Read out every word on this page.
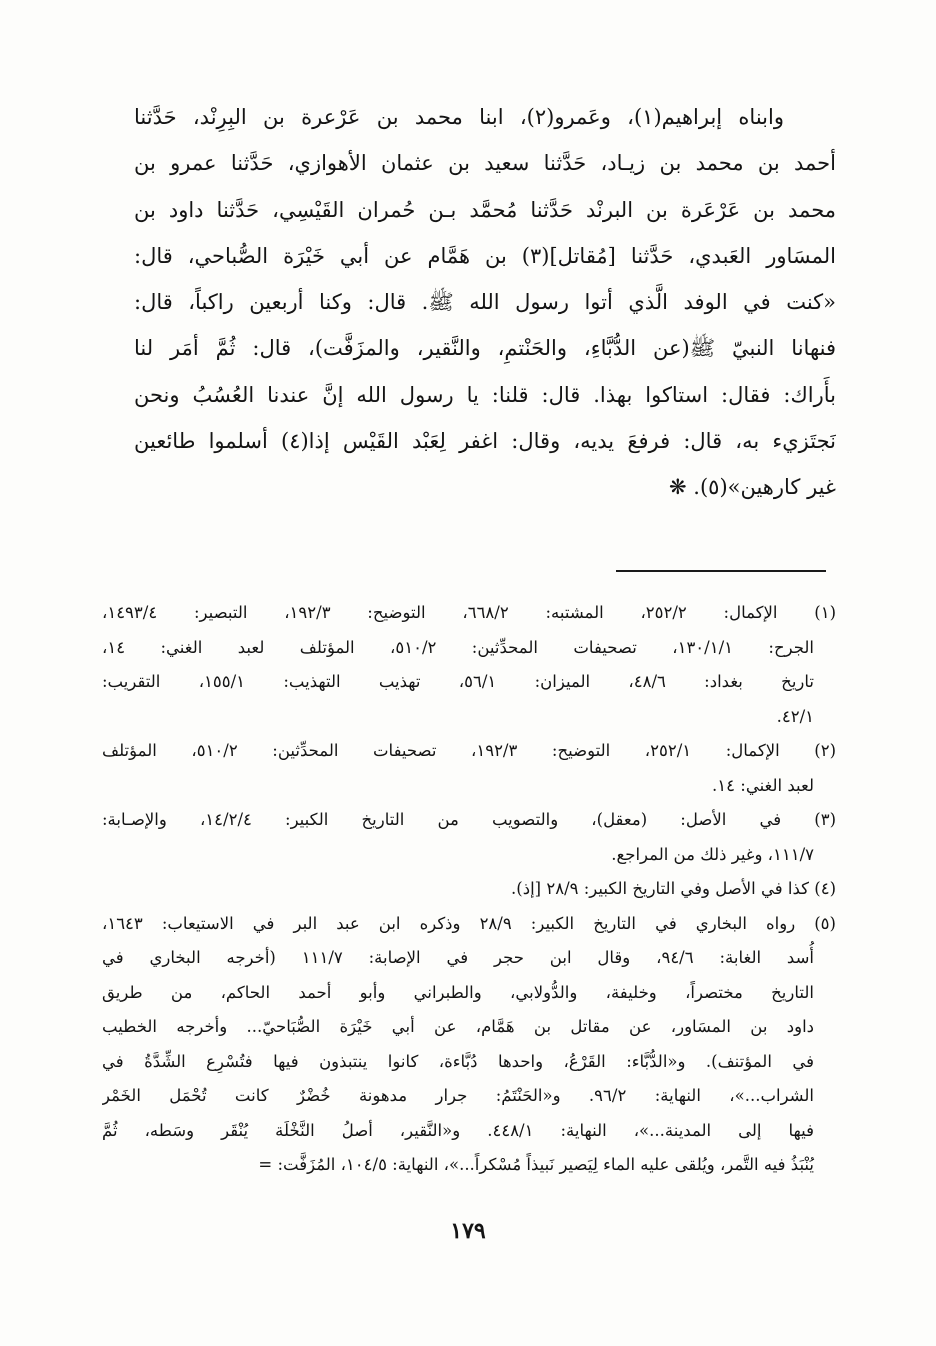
وابناه إبراهيم(١)، وعَمرو(٢)، ابنا محمد بن عَرْعرة بن البِرِنْد، حَدَّثنا
أحمد بن محمد بن زيـاد، حَدَّثنا سعيد بن عثمان الأهوازي، حَدَّثنا عمرو بن
محمد بن عَرْعَرة بن البرنْد حَدَّثنا مُحمَّد بـن حُمران القَيْسِي، حَدَّثنا داود بن
المسَاور العَبدي، حَدَّثنا [مُقاتل](٣) بن هَمَّام عن أبي خَيْرَة الصُّباحي، قال:
«كنت في الوفد الَّذي أتوا رسول الله ﷺ. قال: وكنا أربعين راكباً، قال:
فنهانا النبيّ ﷺ(عن الدُّبَّاءِ، والحَنْتمِ، والنَّقير، والمزَفَّت)، قال: ثُمَّ أمَر لنا
بأَراك: فقال: استاكوا بهذا. قال: قلنا: يا رسول الله إنَّ عندنا العُسُبُ ونحن
نَجتَزيء به، قال: فرفعَ يديه، وقال: اغفر لِعَبْد القَيْس إذا(٤) أسلموا طائعين
غير كارهين»(٥). ❋
(١) الإكمال: ٢٥٢/٢، المشتبه: ٦٦٨/٢، التوضيح: ١٩٢/٣، التبصير: ١٤٩٣/٤،
الجرح: ١٣٠/١/١، تصحيفات المحدِّثين: ٥١٠/٢، المؤتلف لعبد الغني: ١٤،
تاريخ بغداد: ٤٨/٦، الميزان: ٥٦/١، تهذيب التهذيب: ١٥٥/١، التقريب:
٤٢/١.
(٢) الإكمال: ٢٥٢/١، التوضيح: ١٩٢/٣، تصحيفات المحدِّثين: ٥١٠/٢، المؤتلف
لعبد الغني: ١٤.
(٣) في الأصل: (معقل)، والتصويب من التاريخ الكبير: ١٤/٢/٤، والإصـابة:
١١١/٧، وغير ذلك من المراجع.
(٤) كذا في الأصل وفي التاريخ الكبير: ٢٨/٩ [إذ).
(٥) رواه البخاري في التاريخ الكبير: ٢٨/٩ وذكره ابن عبد البر في الاستيعاب: ١٦٤٣،
أُسد الغابة: ٩٤/٦، وقال ابن حجر في الإصابة: ١١١/٧ (أخرجه البخاري في
التاريخ مختصراً، وخليفة، والدُّولابي، والطبراني وأبو أحمد الحاكم، من طريق
داود بن المسَاور، عن مقاتل بن هَمَّام، عن أبي خَيْرَة الصُّبَاحيّ... وأخرجه الخطيب
في المؤتنف). و«الدُّبَّاء: القَرْعُ، واحدها دُبَّاءة، كانوا ينتبذون فيها فتُسْرِع الشِّدَّةُ في
الشراب...»، النهاية: ٩٦/٢. و«الحَنْتَمُ: جرار مدهونة خُضْرٌ كانت تُحْمَل الخَمْر
فيها إلى المدينة...»، النهاية: ٤٤٨/١. و«النَّقير، أصلُ النَّخْلَة يُنْقَر وسَطه، ثُمَّ
يُنْبَذُ فيه التَّمر، ويُلقى عليه الماء لِيَصير نَبيذاً مُسْكراً...»، النهاية: ١٠٤/٥، المُزَفَّت: =
١٧٩
